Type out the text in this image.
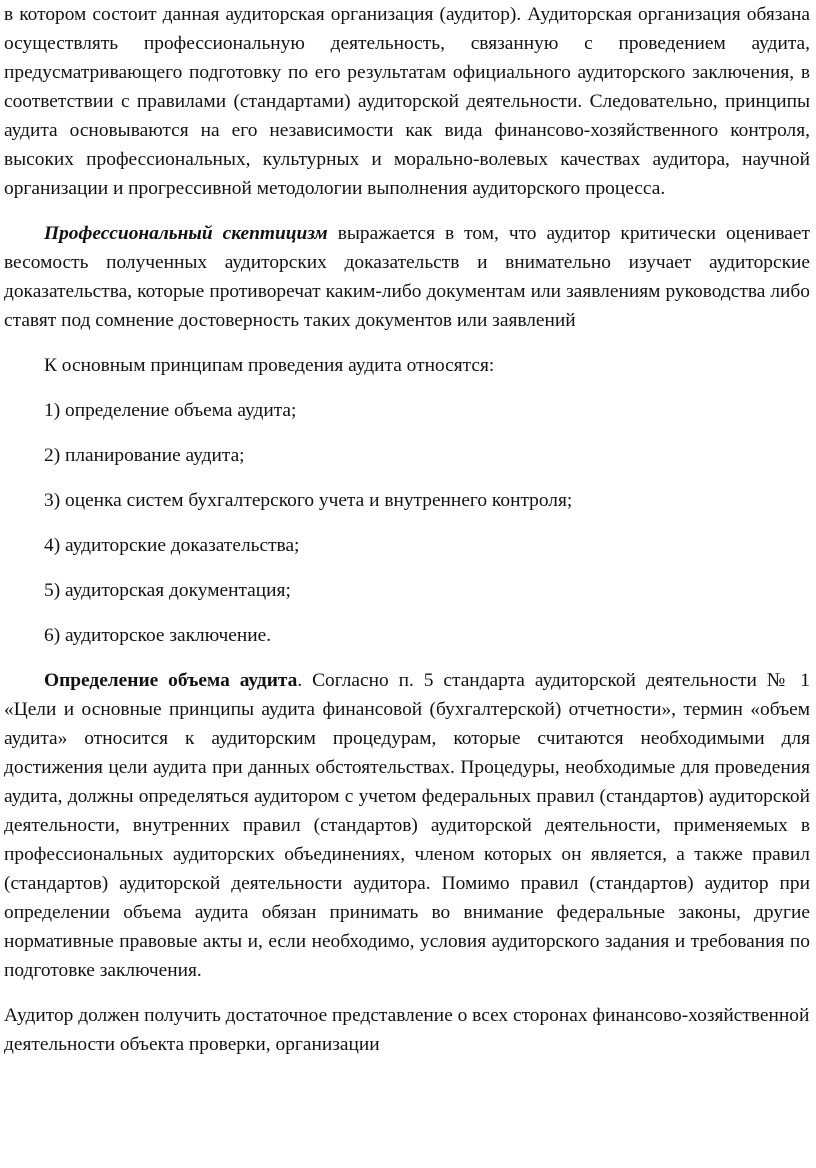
в котором состоит данная аудиторская организация (аудитор). Аудиторская организация обязана осуществлять профессиональную деятельность, связанную с проведением аудита, предусматривающего подготовку по его результатам официального аудиторского заключения, в соответствии с правилами (стандартами) аудиторской деятельности. Следовательно, принципы аудита основываются на его независимости как вида финансово-хозяйственного контроля, высоких профессиональных, культурных и морально-волевых качествах аудитора, научной организации и прогрессивной методологии выполнения аудиторского процесса.

Профессиональный скептицизм выражается в том, что аудитор критически оценивает весомость полученных аудиторских доказательств и внимательно изучает аудиторские доказательства, которые противоречат каким-либо документам или заявлениям руководства либо ставят под сомнение достоверность таких документов или заявлений

К основным принципам проведения аудита относятся:

1) определение объема аудита;

2) планирование аудита;

3) оценка систем бухгалтерского учета и внутреннего контроля;

4) аудиторские доказательства;

5) аудиторская документация;

6) аудиторское заключение.

Определение объема аудита. Согласно п. 5 стандарта аудиторской деятельности № 1 «Цели и основные принципы аудита финансовой (бухгалтерской) отчетности», термин «объем аудита» относится к аудиторским процедурам, которые считаются необходимыми для достижения цели аудита при данных обстоятельствах. Процедуры, необходимые для проведения аудита, должны определяться аудитором с учетом федеральных правил (стандартов) аудиторской деятельности, внутренних правил (стандартов) аудиторской деятельности, применяемых в профессиональных аудиторских объединениях, членом которых он является, а также правил (стандартов) аудиторской деятельности аудитора. Помимо правил (стандартов) аудитор при определении объема аудита обязан принимать во внимание федеральные законы, другие нормативные правовые акты и, если необходимо, условия аудиторского задания и требования по подготовке заключения.

Аудитор должен получить достаточное представление о всех сторонах финансово-хозяйственной деятельности объекта проверки, организации
